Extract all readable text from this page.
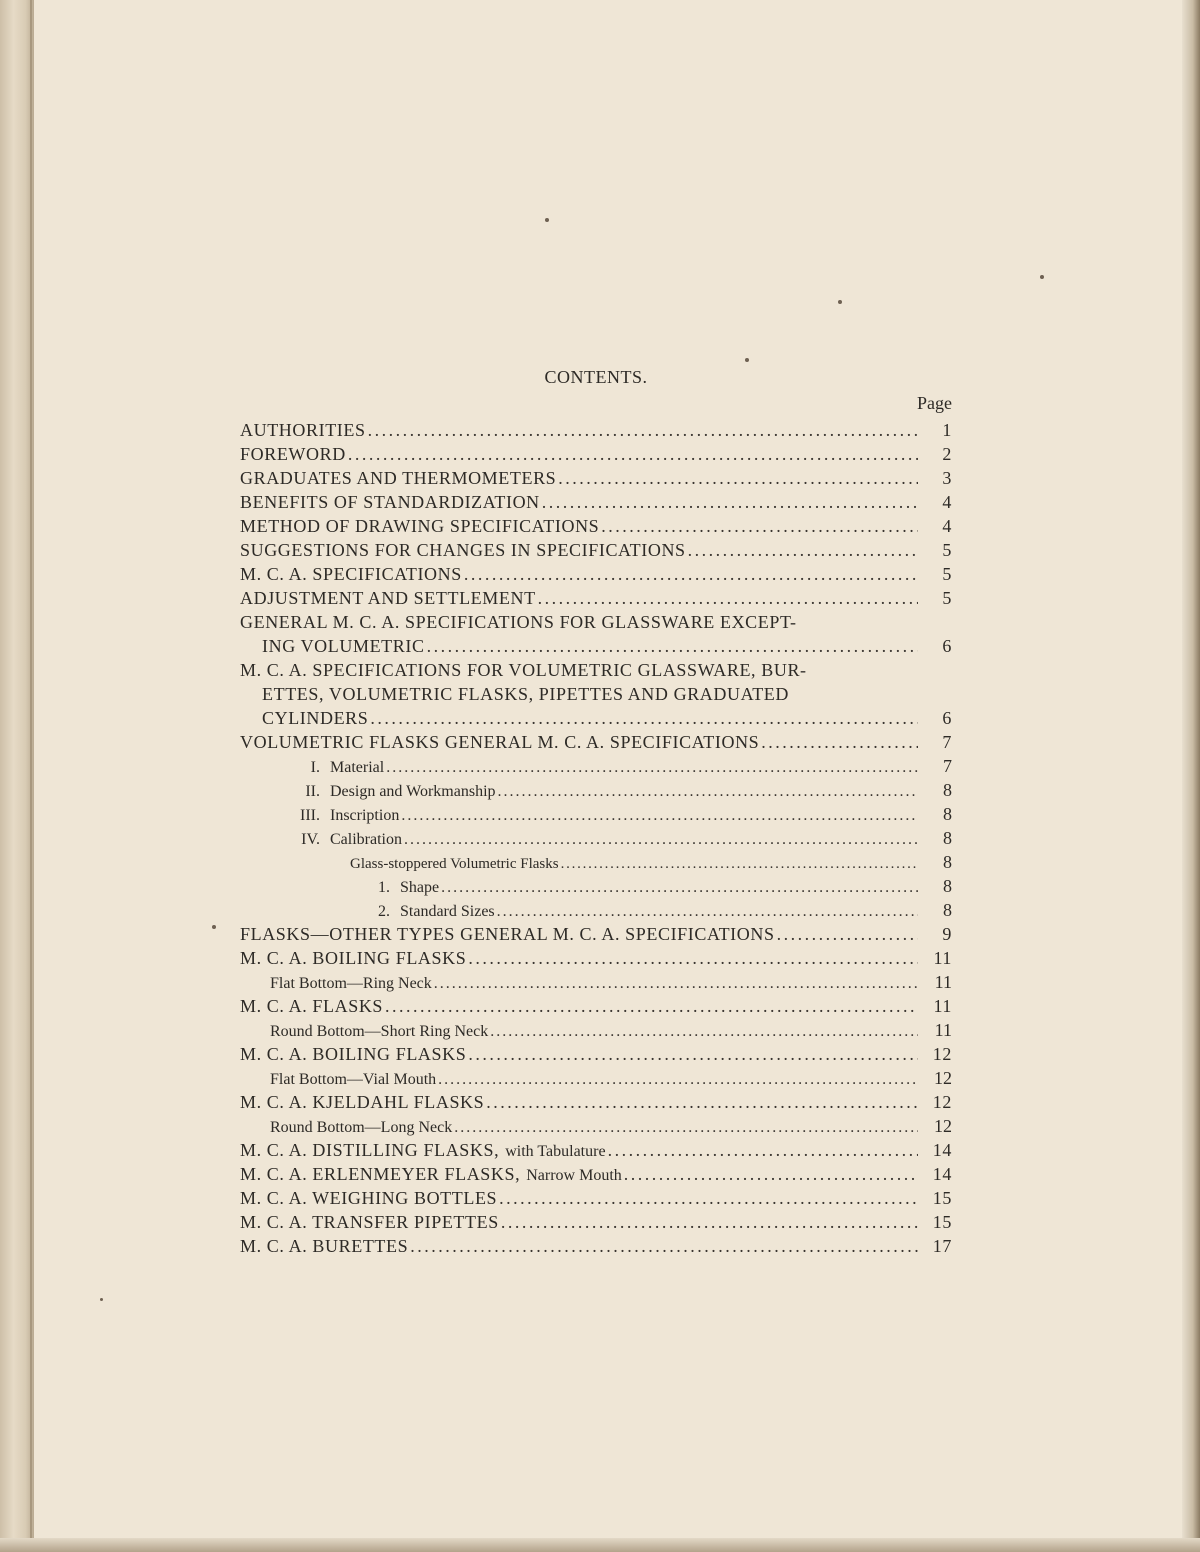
CONTENTS.
Page
AUTHORITIES . . .	1
FOREWORD . . .	2
GRADUATES AND THERMOMETERS . . .	3
BENEFITS OF STANDARDIZATION . . .	4
METHOD OF DRAWING SPECIFICATIONS . . .	4
SUGGESTIONS FOR CHANGES IN SPECIFICATIONS . . .	5
M. C. A. SPECIFICATIONS . . .	5
ADJUSTMENT AND SETTLEMENT . . .	5
GENERAL M. C. A. SPECIFICATIONS FOR GLASSWARE EXCEPT-
ING VOLUMETRIC . . .	6
M. C. A. SPECIFICATIONS FOR VOLUMETRIC GLASSWARE, BUR-
ETTES, VOLUMETRIC FLASKS, PIPETTES AND GRADUATED
CYLINDERS . . .	6
VOLUMETRIC FLASKS GENERAL M. C. A. SPECIFICATIONS . . .	7
I. Material . . .	7
II. Design and Workmanship . . .	8
III. Inscription . . .	8
IV. Calibration . . .	8
Glass-stoppered Volumetric Flasks . . .	8
1. Shape . . .	8
2. Standard Sizes . . .	8
FLASKS—OTHER TYPES GENERAL M. C. A. SPECIFICATIONS . . .	9
M. C. A. BOILING FLASKS . . .	11
Flat Bottom—Ring Neck . . .	11
M. C. A. FLASKS . . .	11
Round Bottom—Short Ring Neck . . .	11
M. C. A. BOILING FLASKS . . .	12
Flat Bottom—Vial Mouth . . .	12
M. C. A. KJELDAHL FLASKS . . .	12
Round Bottom—Long Neck . . .	12
M. C. A. DISTILLING FLASKS, with Tabulature . . .	14
M. C. A. ERLENMEYER FLASKS, Narrow Mouth . . .	14
M. C. A. WEIGHING BOTTLES . . .	15
M. C. A. TRANSFER PIPETTES . . .	15
M. C. A. BURETTES . . .	17
